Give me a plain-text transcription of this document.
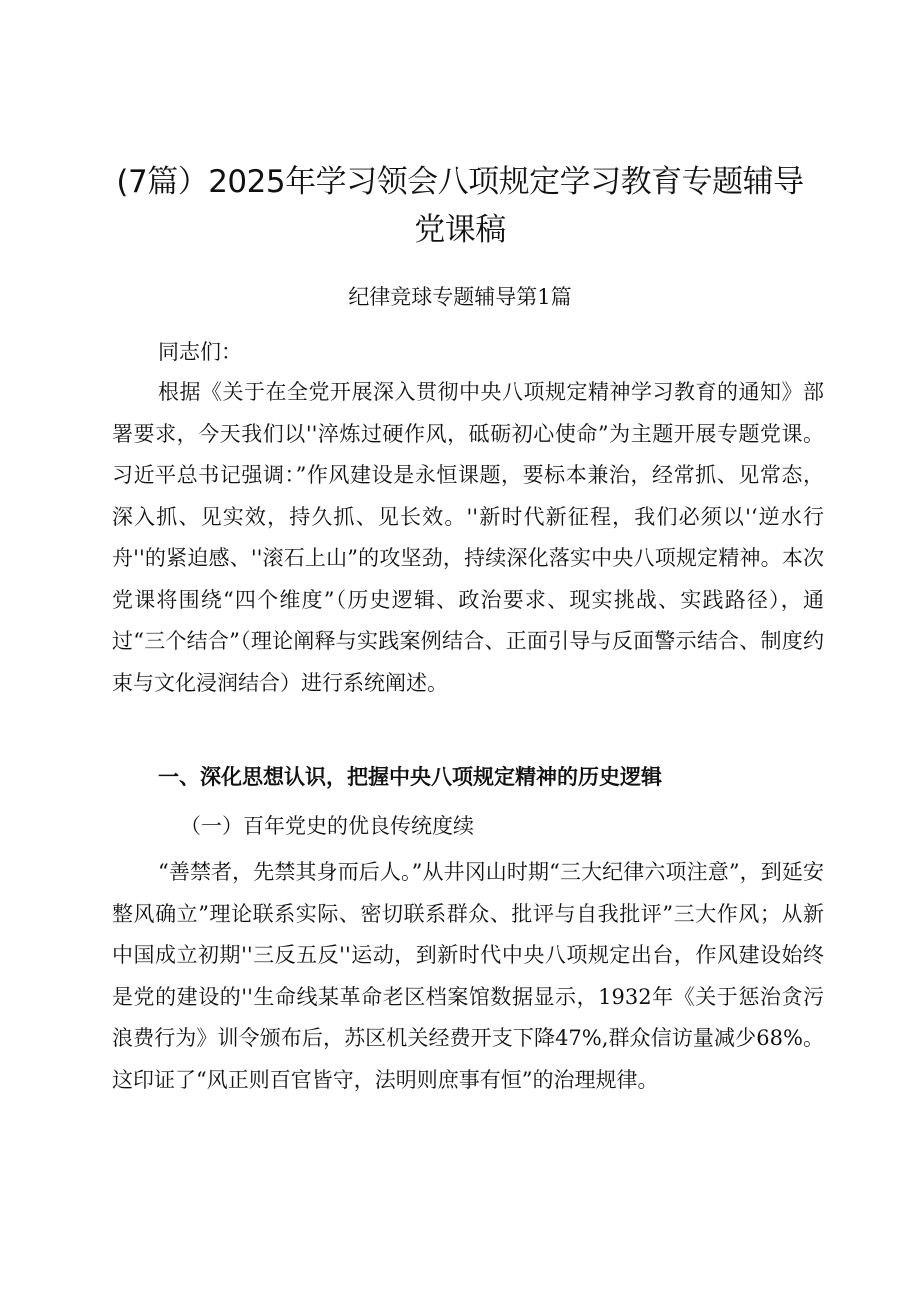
(7篇）2025年学习领会八项规定学习教育专题辅导党课稿

纪律竞球专题辅导第1篇

同志们：

根据《关于在全党开展深入贯彻中央八项规定精神学习教育的通知》部署要求，今天我们以''淬炼过硬作风，砥砺初心使命”为主题开展专题党课。习近平总书记强调：”作风建设是永恒课题，要标本兼治，经常抓、见常态，深入抓、见实效，持久抓、见长效。''新时代新征程，我们必须以'‘逆水行舟''的紧迫感、''滚石上山”的攻坚劲，持续深化落实中央八项规定精神。本次党课将围绕“四个维度”（历史逻辑、政治要求、现实挑战、实践路径），通过“三个结合”（理论阐释与实践案例结合、正面引导与反面警示结合、制度约束与文化浸润结合）进行系统阐述。

一、深化思想认识，把握中央八项规定精神的历史逻辑

（一）百年党史的优良传统度续

“善禁者，先禁其身而后人。”从井冈山时期“三大纪律六项注意”，到延安整风确立”理论联系实际、密切联系群众、批评与自我批评”三大作风；从新中国成立初期''三反五反''运动，到新时代中央八项规定出台，作风建设始终是党的建设的''生命线某革命老区档案馆数据显示，1932年《关于惩治贪污浪费行为》训令颁布后，苏区机关经费开支下降47%,群众信访量减少68%。这印证了“风正则百官皆守，法明则庶事有恒”的治理规律。
